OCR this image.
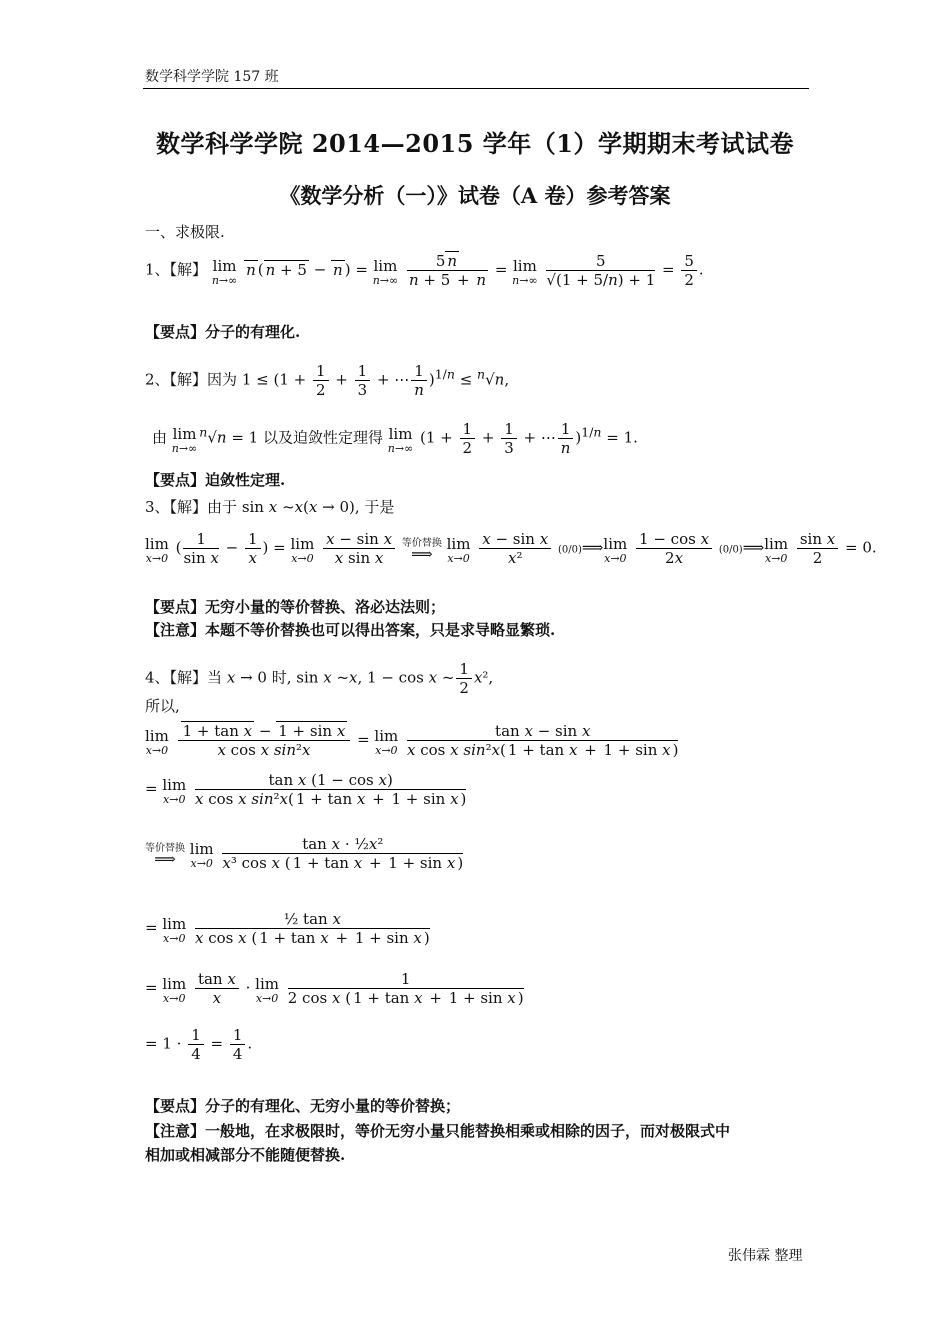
数学科学学院 157 班
数学科学学院 2014—2015 学年（1）学期期末考试试卷
《数学分析（一）》试卷（A 卷）参考答案
一、求极限.
1、【解】 lim
n→∞
n ( n + 5 − n ) = lim
n→∞
$\frac{5 n}{n + 5 + n} = \lim$
n→∞
$\frac{5}{√(1 + 5/n) + 1} = \frac{5}{2}$ .
【要点】分子的有理化.
2、【解】因为 $1 \le (1 + \frac{1}{2} + \frac{1}{3}$ + ⋯ $\frac{1}{n} )^{1/n} \le ^n√n$,
由 lim
n→∞
$^n$√n = 1 以及迫敛性定理得 lim
n→∞
($1 + \frac{1}{2} + \frac{1}{3}$ + ⋯ $\frac{1}{n} )^{1/n} = 1$.
【要点】迫敛性定理.
3、【解】由于 sin x ~x(x → 0), 于是
lim
x→0
( $\frac{1}{\text{sin x}} - \frac{1}{x}$ ) = lim
x→0
$\frac{\text{x − sin x}}{\text{x sin x}}$ 等价替换
⟹

lim
x→0
$\frac{\text{x − sin x}}{\text{x²}}$ (0/0)⟹ lim
x→0
$\frac{\text{1 − cos x}}{2x}$ (0/0)⟹ lim
x→0
$\frac{\text{sin x}}{2} = 0$.
【要点】无穷小量的等价替换、洛必达法则；
【注意】本题不等价替换也可以得出答案，只是求导略显繁琐.
4、【解】当 x → 0 时, sin x ~x, 1 − cos x ~ $\frac{1}{2} x^2$,
所以,
lim
x→0
$\frac{\text{1 + tan x − 1 + sin x}}{\text{x cos x sin²x}} = \lim$
x→0
$\frac{\text{tan x − sin x}}{\text{x cos x sin²x( 1 + tan x + 1 + sin x )}}$
= lim
x→0
$\frac{\text{tan x (1 − cos x)}}{\text{x cos x sin²x( 1 + tan x + 1 + sin x )}}$
等价替换
⟹

lim
x→0
$\frac{\text{tan x · ½x²}}{\text{x³ cos x ( 1 + tan x + 1 + sin x )}}$
= lim
x→0
$\frac{\text{½ tan x}}{\text{x cos x ( 1 + tan x + 1 + sin x )}}$
= lim
x→0
$\frac{\text{tan x}}{x} \cdot \lim$
x→0
$\frac{1}{\text{2 cos x ( 1 + tan x + 1 + sin x )}}$
= $1 \cdot \frac{1}{4} = \frac{1}{4}$ .
【要点】分子的有理化、无穷小量的等价替换；
【注意】一般地，在求极限时，等价无穷小量只能替换相乘或相除的因子，而对极限式中
相加或相减部分不能随便替换.
张伟霖 整理
